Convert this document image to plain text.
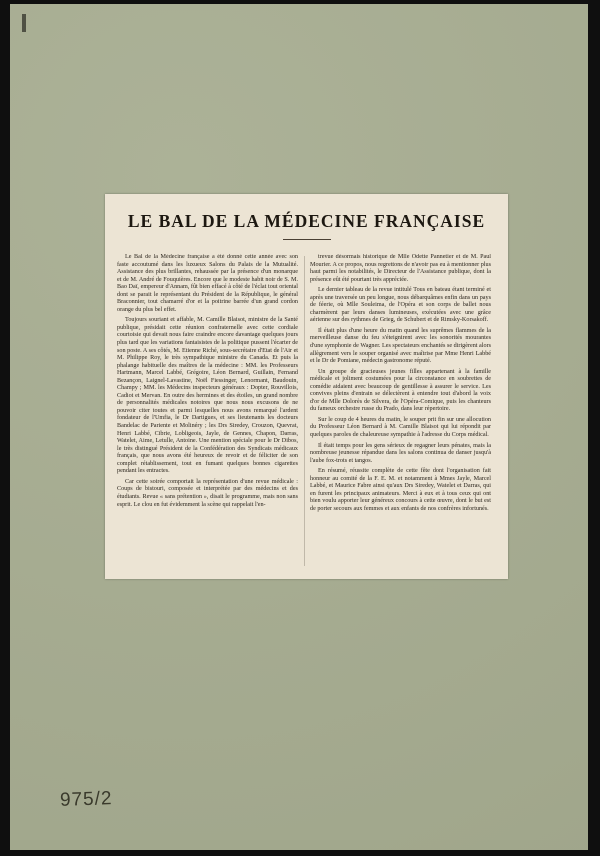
LE BAL DE LA MÉDECINE FRANÇAISE

Le Bal de la Médecine française a été donné cette année avec son faste accoutumé dans les luxueux Salons du Palais de la Mutualité. Assistance des plus brillantes, rehaussée par la présence d'un monarque et de M. André de Fouquières. Encore que le modeste habit noir de S. M. Bao Daï, empereur d'Annam, fût bien effacé à côté de l'éclat tout oriental dont se parait le représentant du Président de la République, le général Braconnier, tout chamarré d'or et la poitrine barrée d'un grand cordon orange du plus bel effet.

Toujours souriant et affable, M. Camille Blaisot, ministre de la Santé publique, présidait cette réunion confraternelle avec cette cordiale courtoisie qui devait nous faire craindre encore davantage quelques jours plus tard que les variations fantaisistes de la politique pussent l'écarter de son poste. A ses côtés, M. Etienne Riché, sous-secrétaire d'Etat de l'Air et M. Philippe Roy, le très sympathique ministre du Canada. Et puis la phalange habituelle des maîtres de la médecine : MM. les Professeurs Hartmann, Marcel Labbé, Grégoire, Léon Bernard, Guillain, Fernand Bezançon, Laignel-Lavastine, Noël Fiessinger, Lenormant, Baudouin, Champy ; MM. les Médecins inspecteurs généraux : Dopter, Rouvillois, Cadiot et Mervan. En outre des hermines et des étoiles, un grand nombre de personnalités médicales notoires que nous nous excusons de ne pouvoir citer toutes et parmi lesquelles nous avons remarqué l'ardent fondateur de l'Umfia, le Dr Dartigues, et ses lieutenants les docteurs Bandelac de Pariente et Molinéry ; les Drs Siredey, Crouzon, Quevrat, Henri Labbé, Cibrie, Lobligeois, Jayle, de Gennes, Chapon, Darras, Watelet, Aime, Letulle, Antoine. Une mention spéciale pour le Dr Dibos, le très distingué Président de la Confédération des Syndicats médicaux français, que nous avons été heureux de revoir et de féliciter de son complet rétablissement, tout en fumant quelques bonnes cigarettes pendant les entractes.

Car cette soirée comportait la représentation d'une revue médicale : Coups de bistouri, composée et interprétée par des médecins et des étudiants. Revue « sans prétention », disait le programme, mais non sans esprit. Le clou en fut évidemment la scène qui rappelait l'en-

trevue désormais historique de Mlle Odette Pannetier et de M. Paul Mourier. A ce propos, nous regrettons de n'avoir pas eu à mentionner plus haut parmi les notabilités, le Directeur de l'Assistance publique, dont la présence eût été pourtant très appréciée.

Le dernier tableau de la revue intitulé Tous en bateau étant terminé et après une traversée un peu longue, nous débarquâmes enfin dans un pays de féerie, où Mlle Souleima, de l'Opéra et son corps de ballet nous charmèrent par leurs danses lumineuses, exécutées avec une grâce aérienne sur des rythmes de Grieg, de Schubert et de Rimsky-Korsakoff.

Il était plus d'une heure du matin quand les suprêmes flammes de la merveilleuse danse du feu s'éteignirent avec les sonorités mourantes d'une symphonie de Wagner. Les spectateurs enchantés se dirigèrent alors allègrement vers le souper organisé avec maîtrise par Mme Henri Labbé et le Dr de Pomiane, médecin gastronome réputé.

Un groupe de gracieuses jeunes filles appartenant à la famille médicale et joliment costumées pour la circonstance en soubrettes de comédie aidaient avec beaucoup de gentillesse à assurer le service. Les convives pleins d'entrain se délectèrent à entendre tout d'abord la voix d'or de Mlle Dolorès de Silvera, de l'Opéra-Comique, puis les chanteurs du fameux orchestre russe du Prado, dans leur répertoire.

Sur le coup de 4 heures du matin, le souper prit fin sur une allocution du Professeur Léon Bernard à M. Camille Blaisot qui lui répondit par quelques paroles de chaleureuse sympathie à l'adresse du Corps médical.

Il était temps pour les gens sérieux de regagner leurs pénates, mais la nombreuse jeunesse répandue dans les salons continua de danser jusqu'à l'aube fox-trots et tangos.

En résumé, réussite complète de cette fête dont l'organisation fait honneur au comité de la F. E. M. et notamment à Mmes Jayle, Marcel Labbé, et Maurice Fabre ainsi qu'aux Drs Siredey, Watelet et Darras, qui en furent les principaux animateurs. Merci à eux et à tous ceux qui ont bien voulu apporter leur généreux concours à cette œuvre, dont le but est de porter secours aux femmes et aux enfants de nos confrères infortunés.

975/2
